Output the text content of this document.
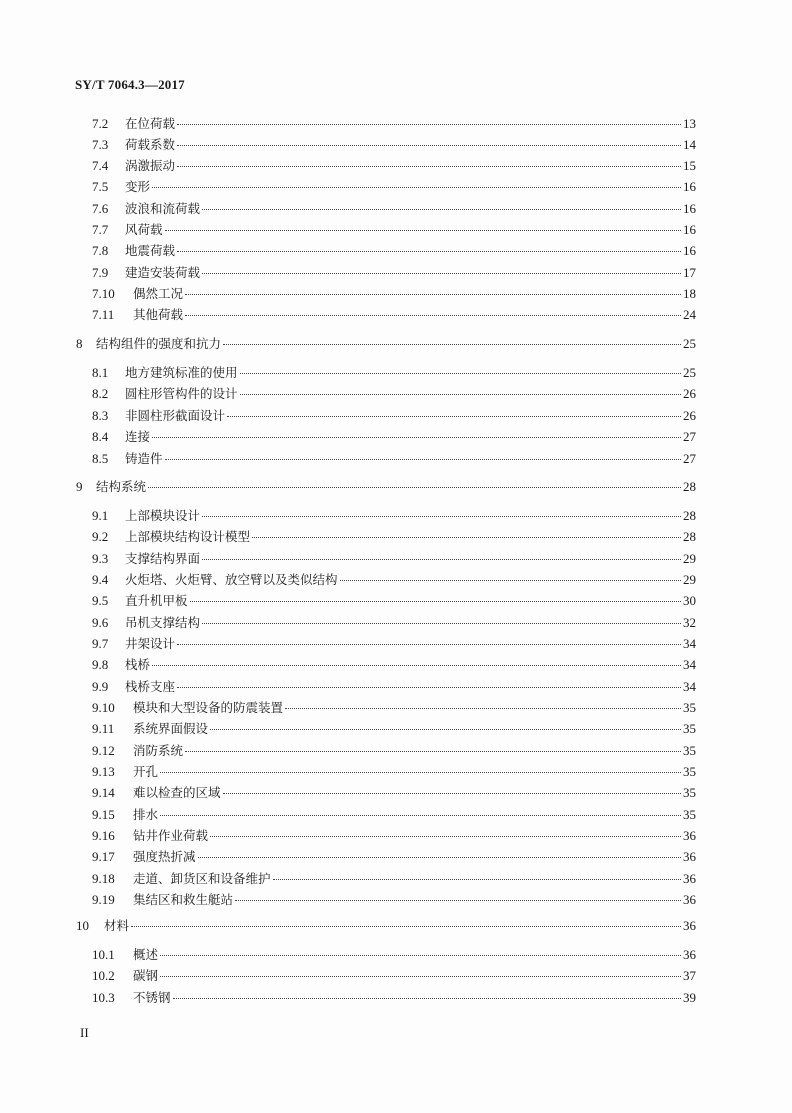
SY/T 7064.3—2017
7.2	在位荷载	13
7.3	荷载系数	14
7.4	涡激振动	15
7.5	变形	16
7.6	波浪和流荷载	16
7.7	风荷载	16
7.8	地震荷载	16
7.9	建造安装荷载	17
7.10	偶然工况	18
7.11	其他荷载	24
8	结构组件的强度和抗力	25
8.1	地方建筑标准的使用	25
8.2	圆柱形管构件的设计	26
8.3	非圆柱形截面设计	26
8.4	连接	27
8.5	铸造件	27
9	结构系统	28
9.1	上部模块设计	28
9.2	上部模块结构设计模型	28
9.3	支撑结构界面	29
9.4	火炬塔、火炬臂、放空臂以及类似结构	29
9.5	直升机甲板	30
9.6	吊机支撑结构	32
9.7	井架设计	34
9.8	栈桥	34
9.9	栈桥支座	34
9.10	模块和大型设备的防震装置	35
9.11	系统界面假设	35
9.12	消防系统	35
9.13	开孔	35
9.14	难以检查的区域	35
9.15	排水	35
9.16	钻井作业荷载	36
9.17	强度热折减	36
9.18	走道、卸货区和设备维护	36
9.19	集结区和救生艇站	36
10	材料	36
10.1	概述	36
10.2	碳钢	37
10.3	不锈钢	39
II
